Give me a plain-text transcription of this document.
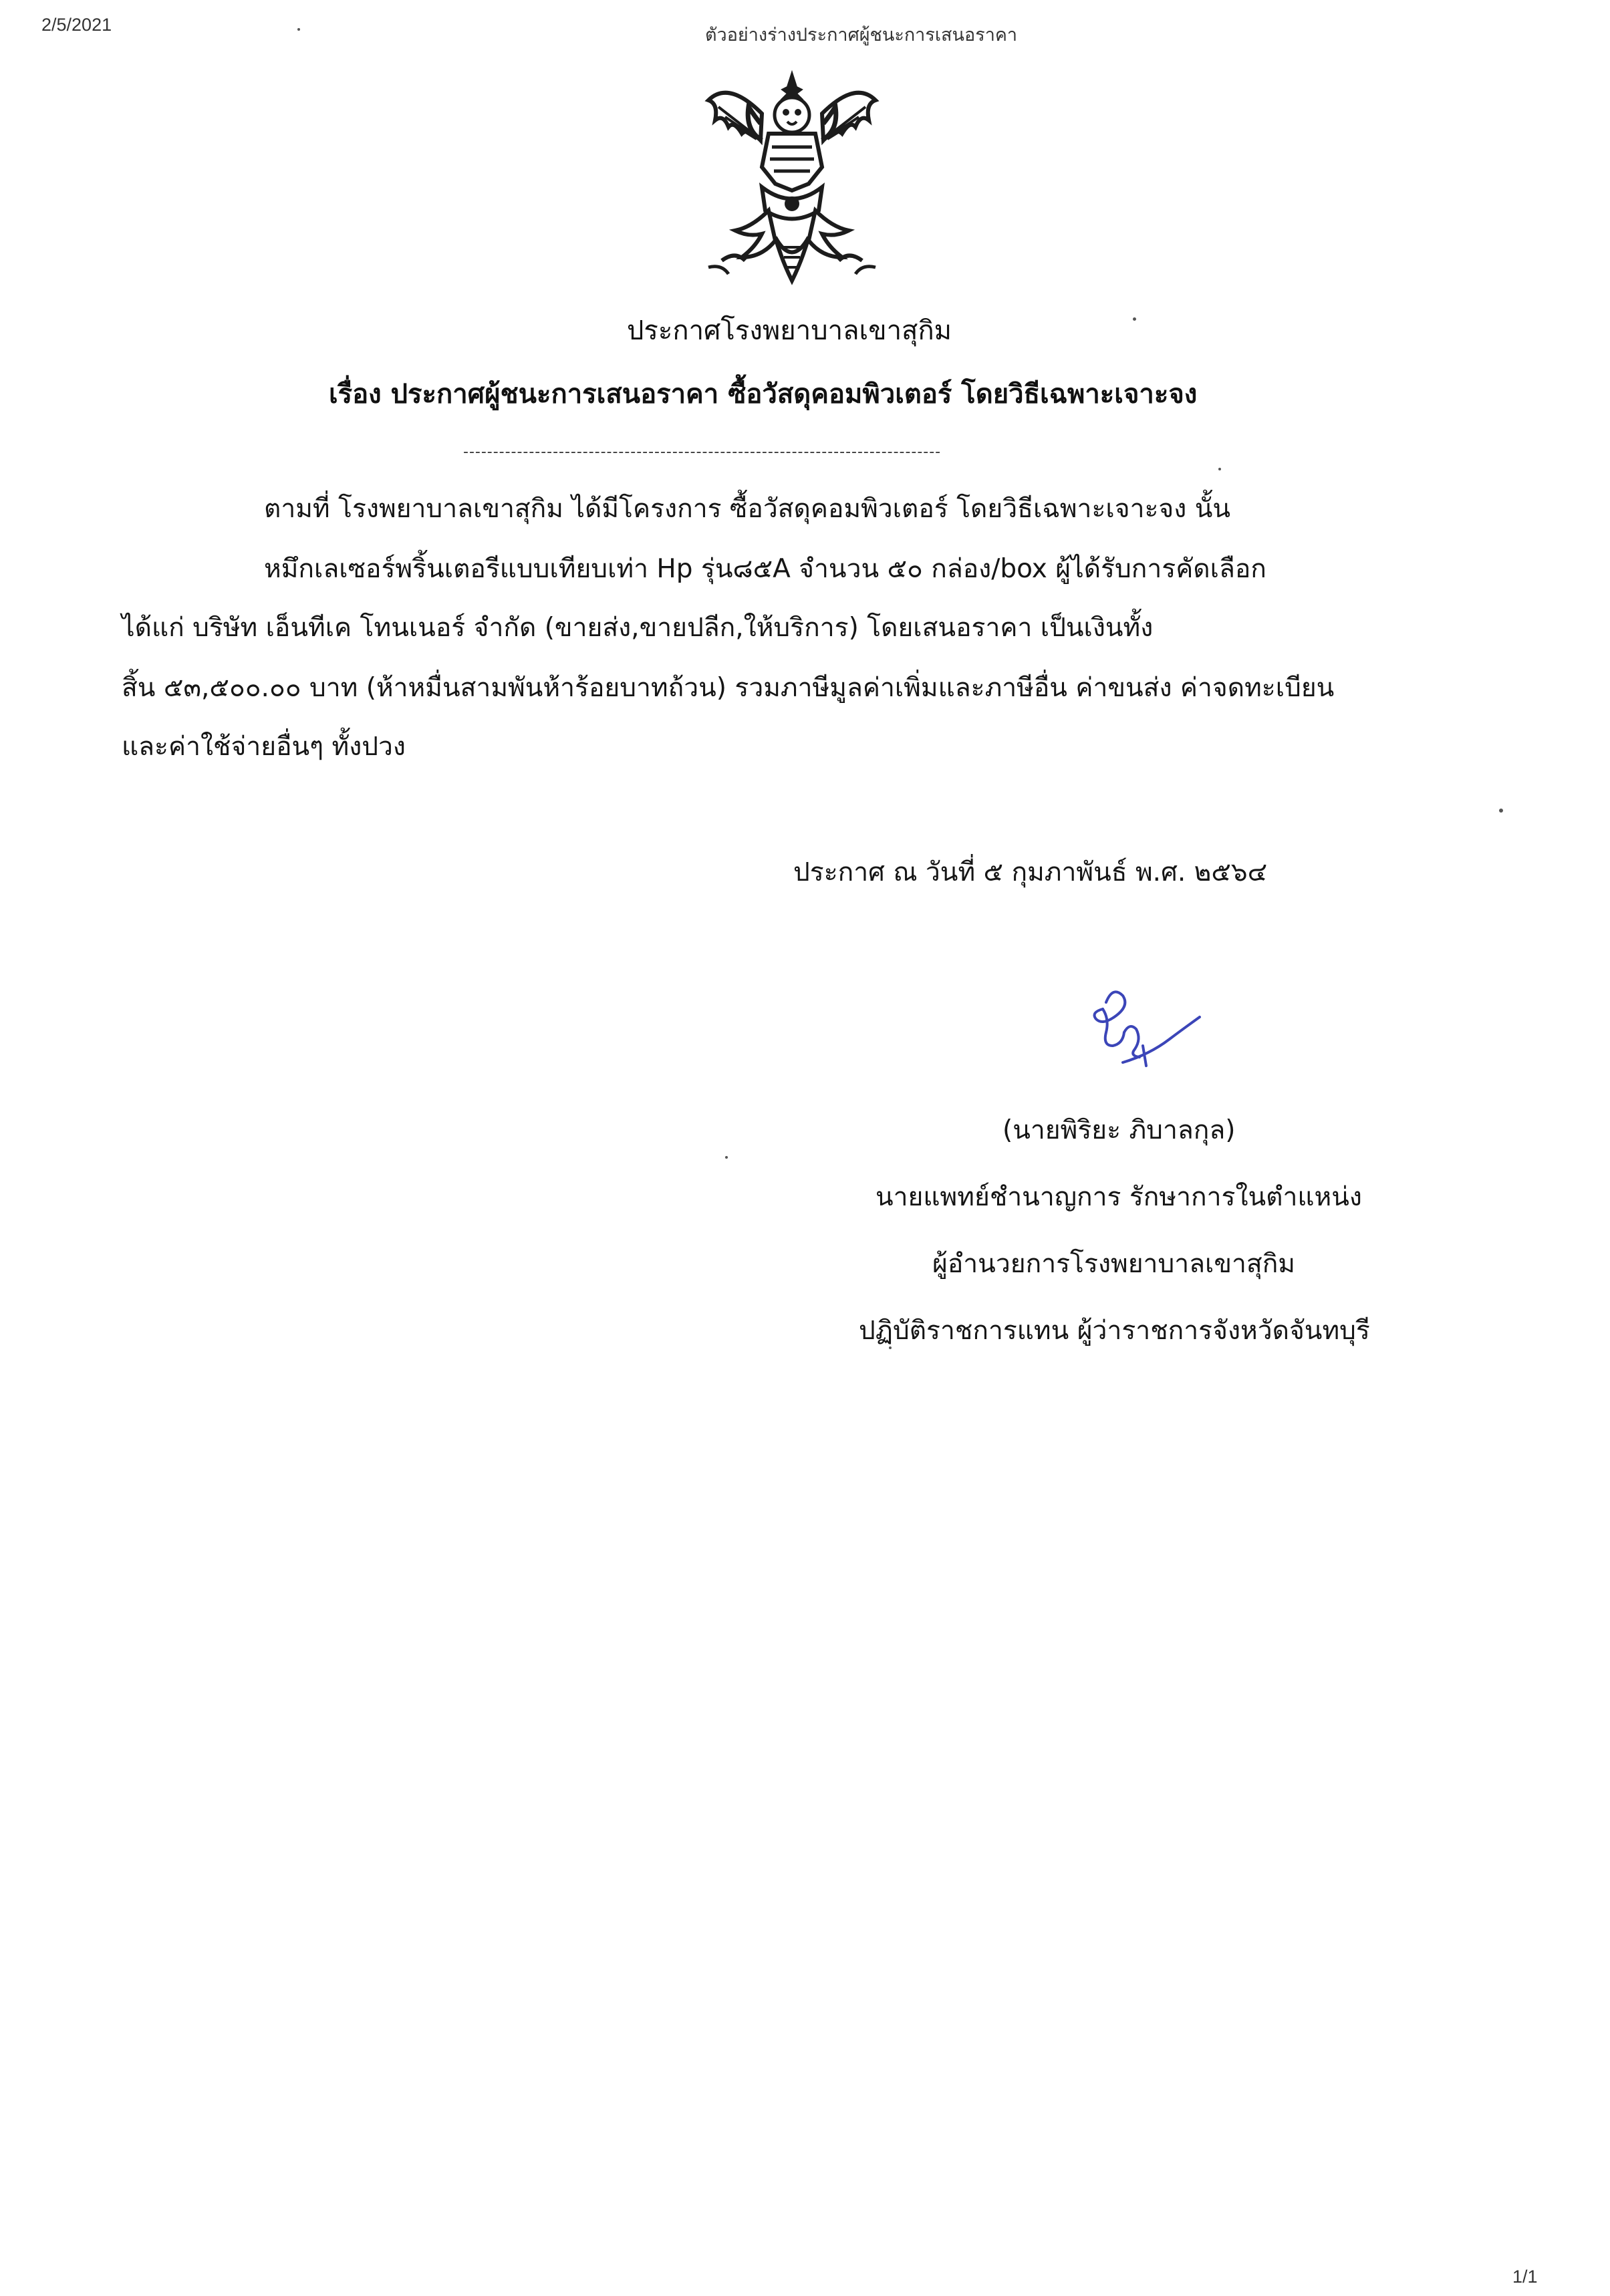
2/5/2021	ตัวอย่างร่างประกาศผู้ชนะการเสนอราคา
ประกาศโรงพยาบาลเขาสุกิม
เรื่อง ประกาศผู้ชนะการเสนอราคา ซื้อวัสดุคอมพิวเตอร์ โดยวิธีเฉพาะเจาะจง
--------------------------------------------------------------------------------
ตามที่ โรงพยาบาลเขาสุกิม ได้มีโครงการ ซื้อวัสดุคอมพิวเตอร์ โดยวิธีเฉพาะเจาะจง นั้น
หมึกเลเซอร์พริ้นเตอรีแบบเทียบเท่า Hp รุ่น๘๕A จำนวน ๕๐ กล่อง/box ผู้ได้รับการคัดเลือก
ได้แก่ บริษัท เอ็นทีเค โทนเนอร์ จำกัด (ขายส่ง,ขายปลีก,ให้บริการ) โดยเสนอราคา เป็นเงินทั้ง
สิ้น ๕๓,๕๐๐.๐๐ บาท (ห้าหมื่นสามพันห้าร้อยบาทถ้วน) รวมภาษีมูลค่าเพิ่มและภาษีอื่น ค่าขนส่ง ค่าจดทะเบียน
และค่าใช้จ่ายอื่นๆ ทั้งปวง
ประกาศ ณ วันที่ ๕ กุมภาพันธ์ พ.ศ. ๒๕๖๔
(นายพิริยะ ภิบาลกุล)
นายแพทย์ชำนาญการ รักษาการในตำแหน่ง
ผู้อำนวยการโรงพยาบาลเขาสุกิม
ปฏิบัติราชการแทน ผู้ว่าราชการจังหวัดจันทบุรี
1/1
